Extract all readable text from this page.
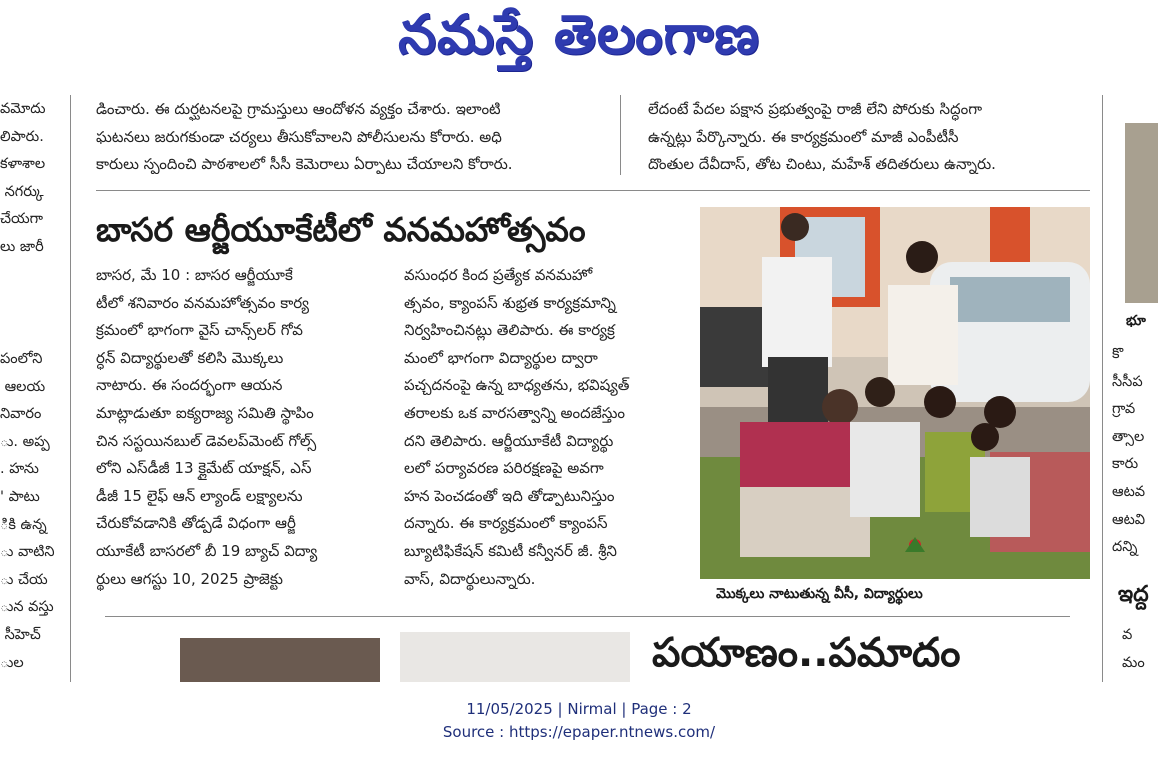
నమస్తే తెలంగాణ
వమోదు
లిపారు.
కళాశాల
నగర్కు
చేయగా
లు జారీ
పంలోని
ఆలయ
నివారం
ు. అప్ప
. హను
' పాటు
ికి ఉన్న
ు వాటిని
ు చేయ
ున వస్తు
సీహెచ్
ుల
డించారు. ఈ దుర్ఘటనలపై గ్రామస్తులు ఆందోళన వ్యక్తం చేశారు. ఇలాంటి
ఘటనలు జరుగకుండా చర్యలు తీసుకోవాలని పోలీసులను కోరారు. అధి
కారులు స్పందించి పాఠశాలలో సీసీ కెమెరాలు ఏర్పాటు చేయాలని కోరారు.
లేదంటే పేదల పక్షాన ప్రభుత్వంపై రాజీ లేని పోరుకు సిద్ధంగా
ఉన్నట్లు పేర్కొన్నారు. ఈ కార్యక్రమంలో మాజీ ఎంపీటీసీ
దొంతుల దేవీదాస్, తోట చింటు, మహేశ్ తదితరులు ఉన్నారు.
బాసర ఆర్జీయూకేటీలో వనమహోత్సవం
బాసర, మే 10 : బాసర ఆర్జీయూకే
టీలో శనివారం వనమహోత్సవం కార్య
క్రమంలో భాగంగా వైస్ చాన్స్‌లర్ గోవ
ర్ధన్ విద్యార్థులతో కలిసి మొక్కలు
నాటారు. ఈ సందర్భంగా ఆయన
మాట్లాడుతూ ఐక్యరాజ్య సమితి స్థాపిం
చిన సస్టయినబుల్ డెవలప్‌మెంట్ గోల్స్
లోని ఎస్‌డీజీ 13 క్లైమేట్ యాక్షన్, ఎస్
డీజీ 15 లైఫ్ ఆన్ ల్యాండ్ లక్ష్యాలను
చేరుకోవడానికి తోడ్పడే విధంగా ఆర్జీ
యూకేటీ బాసరలో బీ 19 బ్యాచ్ విద్యా
ర్థులు ఆగస్టు 10, 2025 ప్రాజెక్టు
వసుంధర కింద ప్రత్యేక వనమహో
త్సవం, క్యాంపస్ శుభ్రత కార్యక్రమాన్ని
నిర్వహించినట్లు తెలిపారు. ఈ కార్యక్ర
మంలో భాగంగా విద్యార్థుల ద్వారా
పచ్చదనంపై ఉన్న బాధ్యతను, భవిష్యత్
తరాలకు ఒక వారసత్వాన్ని అందజేస్తుం
దని తెలిపారు. ఆర్జీయూకేటీ విద్యార్థు
లలో పర్యావరణ పరిరక్షణపై అవగా
హన పెంచడంతో ఇది తోడ్పాటునిస్తుం
దన్నారు. ఈ కార్యక్రమంలో క్యాంపస్
బ్యూటిఫికేషన్ కమిటీ కన్వీనర్ జీ. శ్రీని
వాస్, విదార్థులున్నారు.
మొక్కలు నాటుతున్న వీసీ, విద్యార్థులు
భూ
కొ
సీసీప
గ్రావ
త్సాల
కారు
ఆటవ
ఆటవి
దన్ని
ఇద్ద
వ
మం
పయాణం..పమాదం
11/05/2025 | Nirmal | Page : 2
Source : https://epaper.ntnews.com/
